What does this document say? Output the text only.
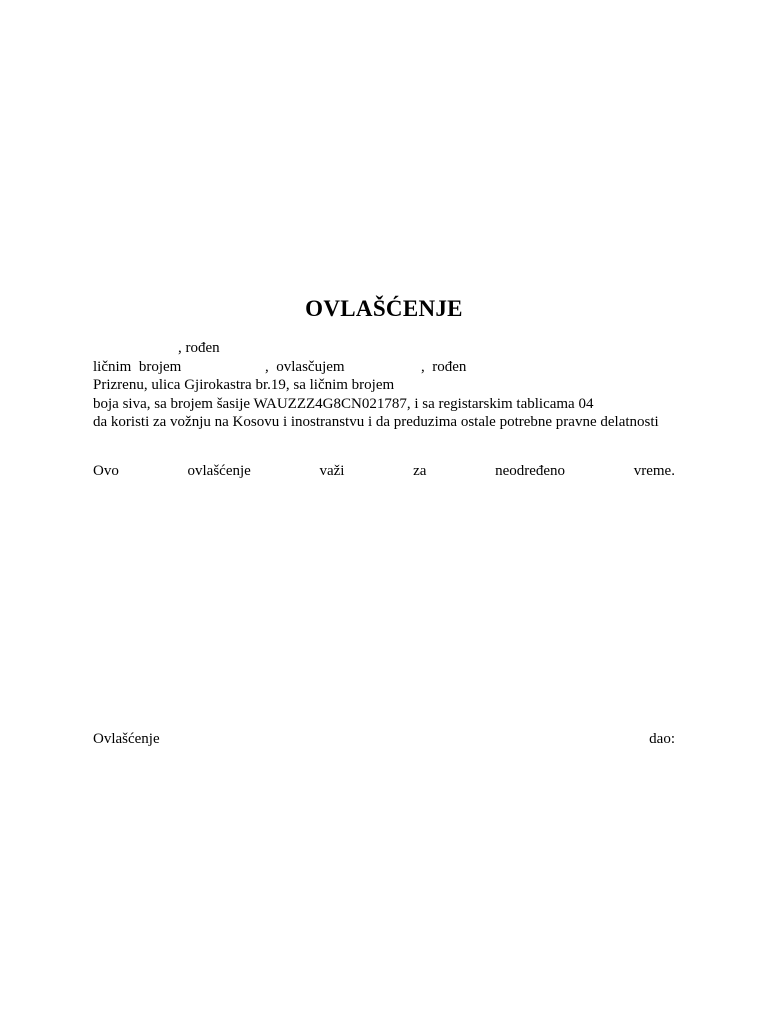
OVLAŠĆENJE
, rođen
ličnim  brojem	,  ovlasčujem	,  rođen
Prizrenu, ulica Gjirokastra br.19, sa ličnim brojem
boja siva, sa brojem šasije WAUZZZ4G8CN021787, i sa registarskim tablicama 04
da koristi za vožnju na Kosovu i inostranstvu i da preduzima ostale potrebne pravne delatnosti
Ovo	ovlašćenje	važi	za	neodređeno	vreme.
Ovlašćenje	dao:
